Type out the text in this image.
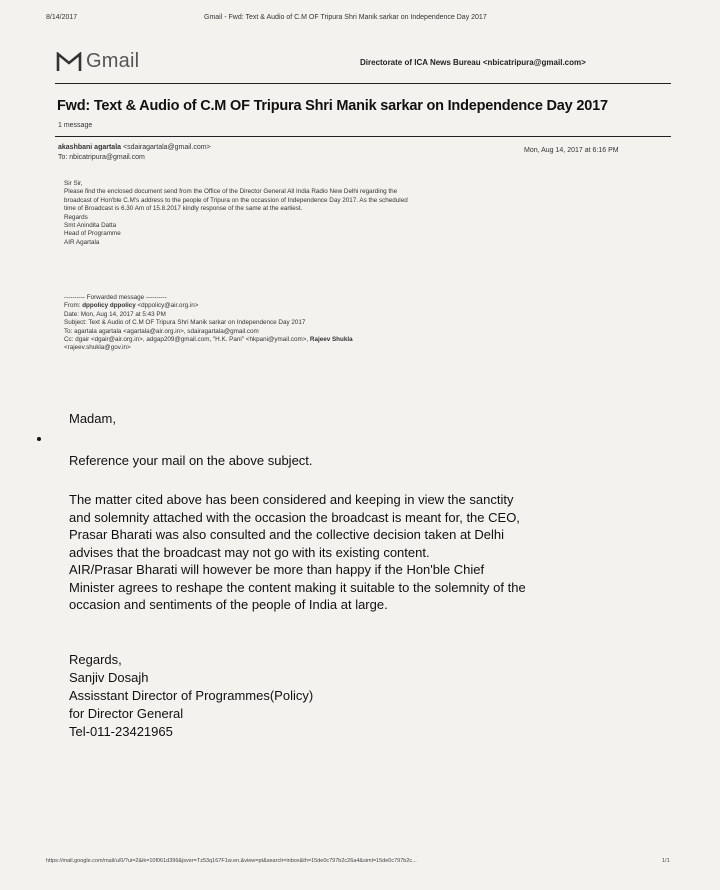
8/14/2017	Gmail - Fwd: Text & Audio of C.M OF Tripura Shri Manik sarkar on Independence Day 2017
Gmail	Directorate of ICA News Bureau <nbicatripura@gmail.com>
Fwd: Text & Audio of C.M OF Tripura Shri Manik sarkar on Independence Day 2017
1 message
akashbani agartala <sdairagartala@gmail.com>
To: nbicatripura@gmail.com
Mon, Aug 14, 2017 at 6:16 PM
Sir Sir,
Please find the enclosed document send from the Office of the Director General All India Radio New Delhi regarding the
broadcast of Hon'ble C.M's address to the people of Tripura on the occassion of Independence Day 2017. As the scheduled
time of Broadcast is 6.30 Am of 15.8.2017 kindly response of the same at the earliest.
Regards
Smt Anindita Datta
Head of Programme
AIR Agartala
---------- Forwarded message ----------
From: dppolicy dppolicy <dppolicy@air.org.in>
Date: Mon, Aug 14, 2017 at 5:43 PM
Subject: Text & Audio of C.M OF Tripura Shri Manik sarkar on Independence Day 2017
To: agartala agartala <agartala@air.org.in>, sdairagartala@gmail.com
Cc: dgair <dgair@air.org.in>, adgap209@gmail.com, "H.K. Pani" <hkpani@ymail.com>, Rajeev Shukla
<rajeev.shukla@gov.in>
Madam,
Reference your mail on the above subject.

The matter cited above has been considered and keeping in view the sanctity

and solemnity attached with the occasion the broadcast is meant for, the CEO,

Prasar Bharati was also consulted and the collective decision taken at Delhi

advises that the broadcast may not go with its existing content.

AIR/Prasar Bharati will however be more than happy if the Hon'ble Chief

Minister agrees to reshape the content making it suitable to the solemnity of the

occasion and sentiments of the people of India at large.

Regards,

Sanjiv Dosajh

Assisstant Director of Programmes(Policy)

for Director General

Tel-011-23421965

https://mail.google.com/mail/u/0/?ui=2&ik=10f061d396&jsver=Tz53q167F1w.en.&view=pt&search=inbox&th=15de0c797b2c26a4&siml=15de0c797b2c...	1/1
